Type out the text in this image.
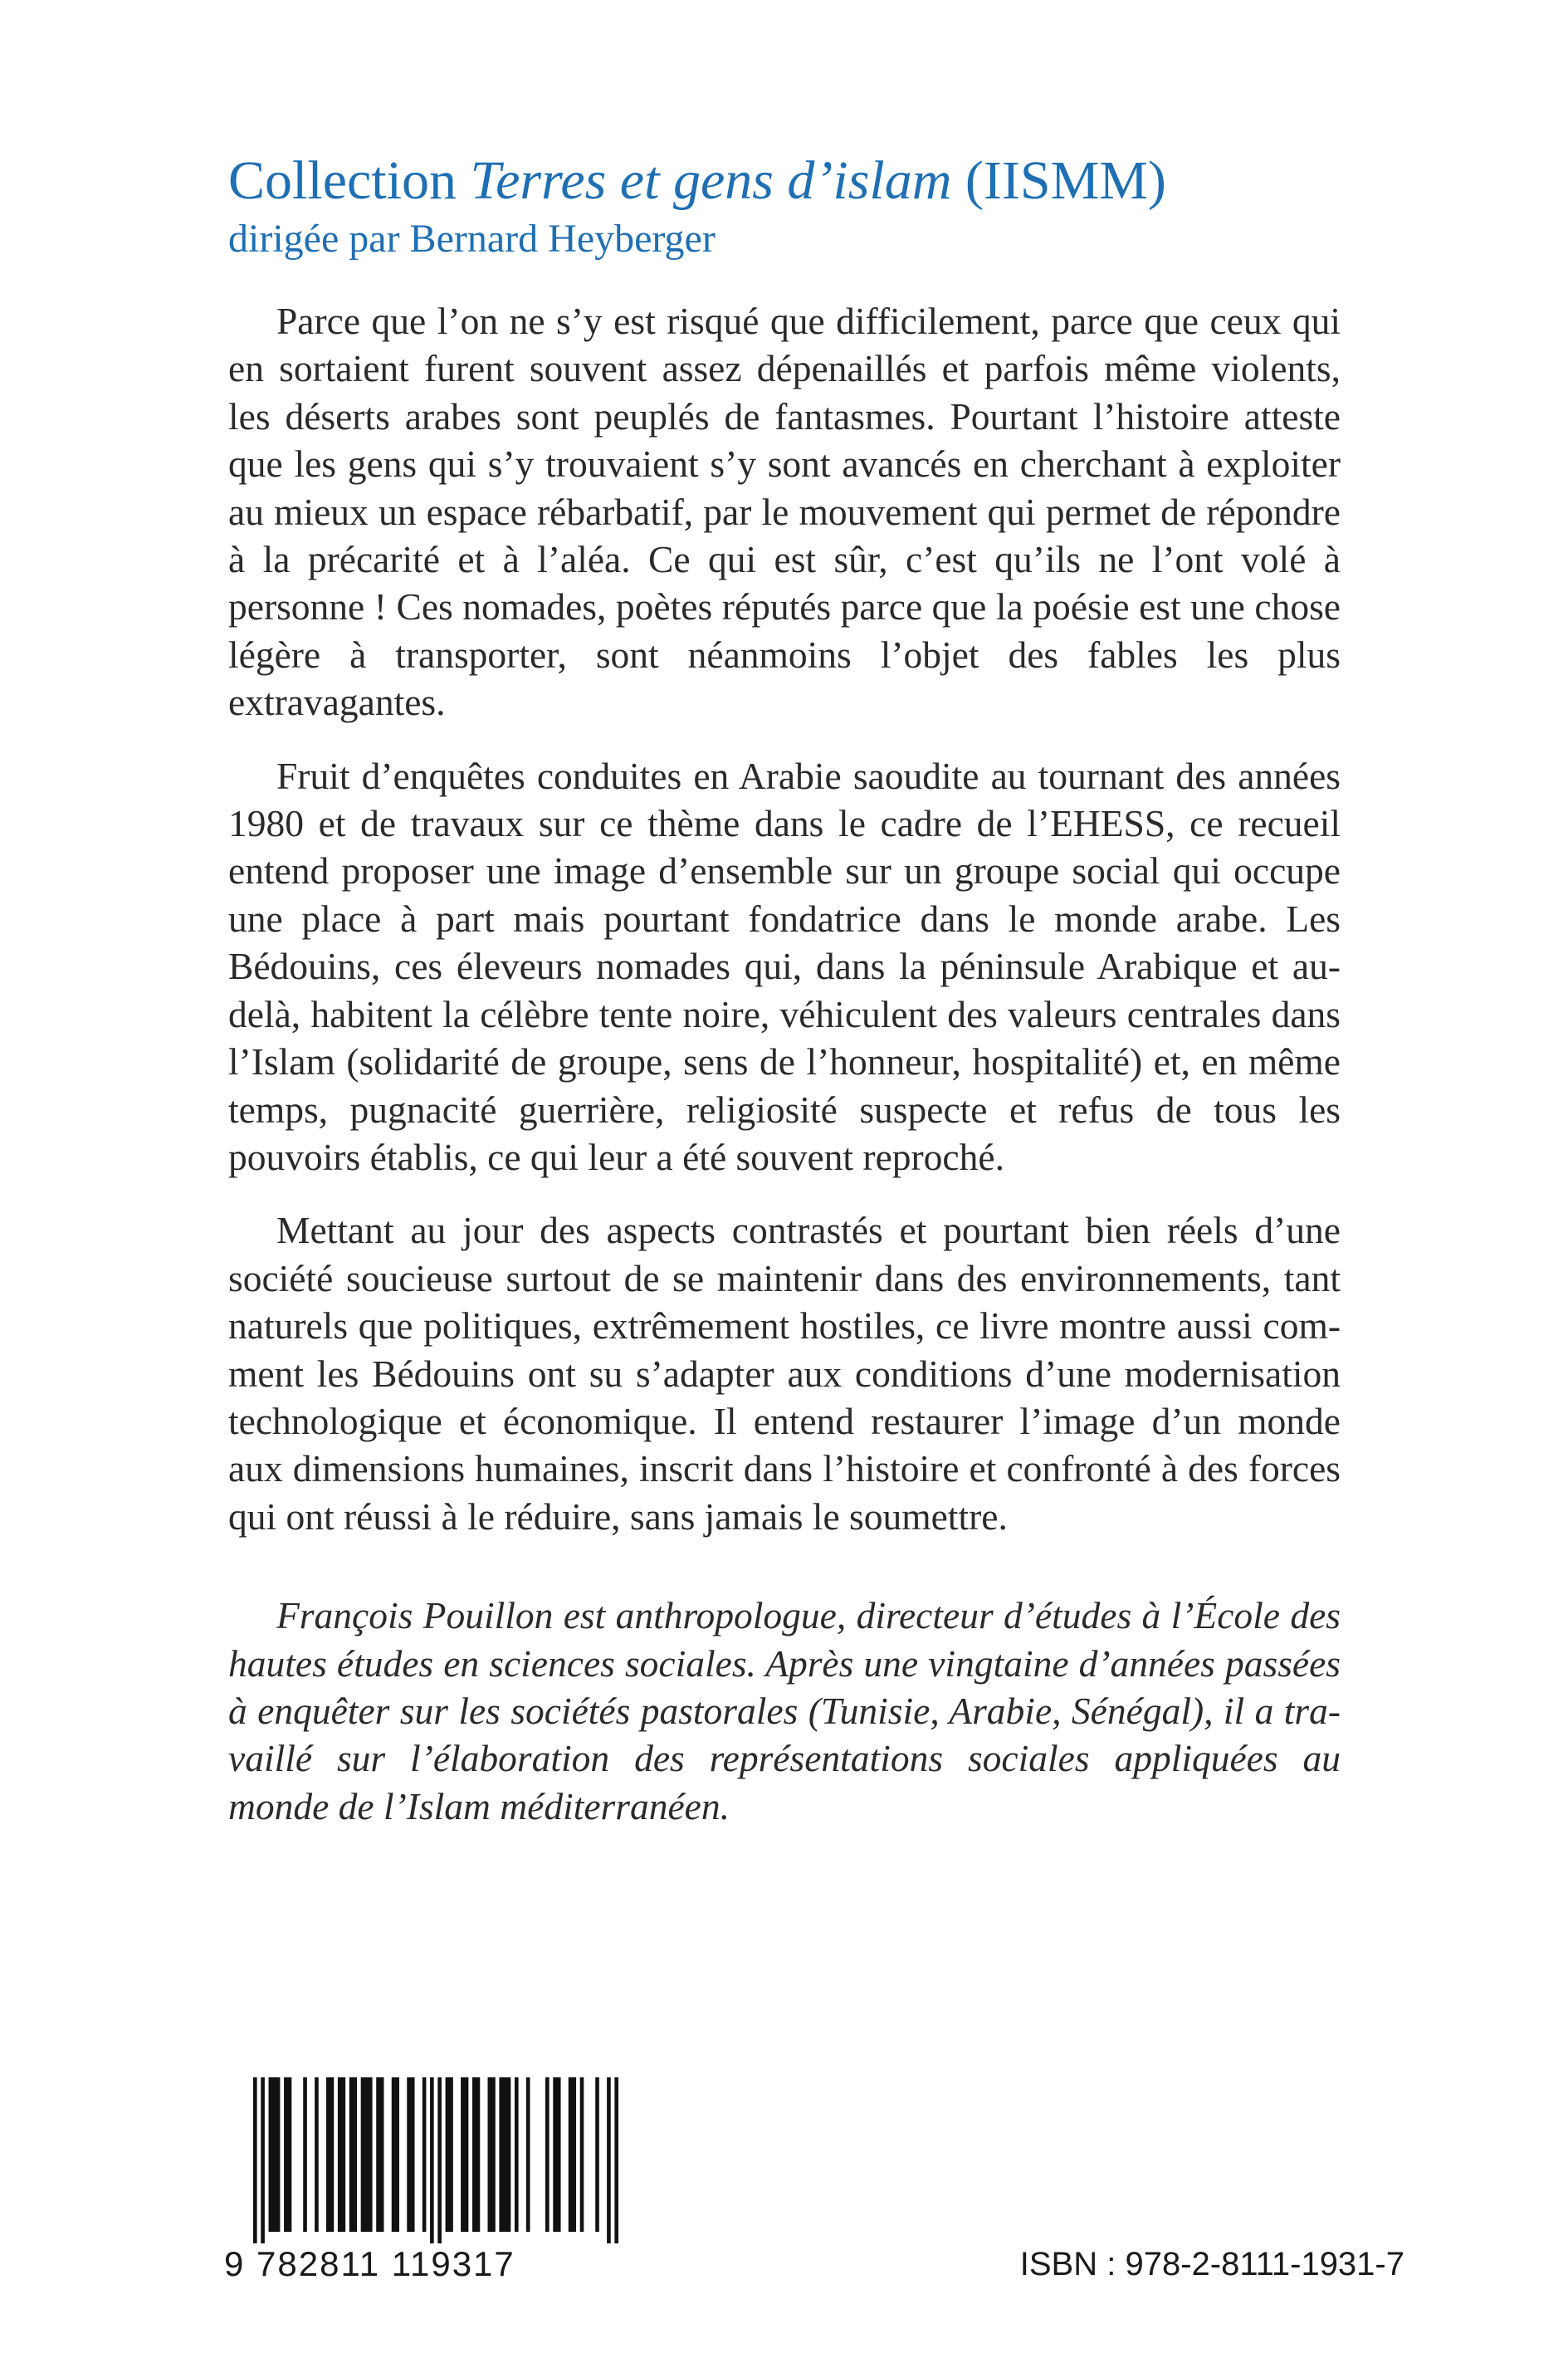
Collection Terres et gens d’islam (IISMM)

dirigée par Bernard Heyberger

Parce que l’on ne s’y est risqué que difficilement, parce que ceux qui en sortaient furent souvent assez dépenaillés et parfois même violents, les déserts arabes sont peuplés de fantasmes. Pourtant l’histoire atteste que les gens qui s’y trouvaient s’y sont avancés en cherchant à exploiter au mieux un espace rébarbatif, par le mouvement qui permet de répondre à la précarité et à l’aléa. Ce qui est sûr, c’est qu’ils ne l’ont volé à personne ! Ces nomades, poètes réputés parce que la poésie est une chose légère à transporter, sont néanmoins l’objet des fables les plus extravagantes.

Fruit d’enquêtes conduites en Arabie saoudite au tournant des années 1980 et de travaux sur ce thème dans le cadre de l’EHESS, ce recueil entend proposer une image d’ensemble sur un groupe social qui occupe une place à part mais pourtant fondatrice dans le monde arabe. Les Bédouins, ces éleveurs nomades qui, dans la péninsule Arabique et au-delà, habitent la célèbre tente noire, véhiculent des valeurs centrales dans l’Islam (solidarité de groupe, sens de l’honneur, hospitalité) et, en même temps, pugnacité guerrière, religiosité suspecte et refus de tous les pouvoirs établis, ce qui leur a été souvent reproché.

Mettant au jour des aspects contrastés et pourtant bien réels d’une société soucieuse surtout de se maintenir dans des environnements, tant naturels que politiques, extrêmement hostiles, ce livre montre aussi comment les Bédouins ont su s’adapter aux conditions d’une modernisation technologique et économique. Il entend restaurer l’image d’un monde aux dimensions humaines, inscrit dans l’histoire et confronté à des forces qui ont réussi à le réduire, sans jamais le soumettre.

François Pouillon est anthropologue, directeur d’études à l’École des hautes études en sciences sociales. Après une vingtaine d’années passées à enquêter sur les sociétés pastorales (Tunisie, Arabie, Sénégal), il a travaillé sur l’élaboration des représentations sociales appliquées au monde de l’Islam méditerranéen.

9 782811 119317	ISBN : 978-2-8111-1931-7
